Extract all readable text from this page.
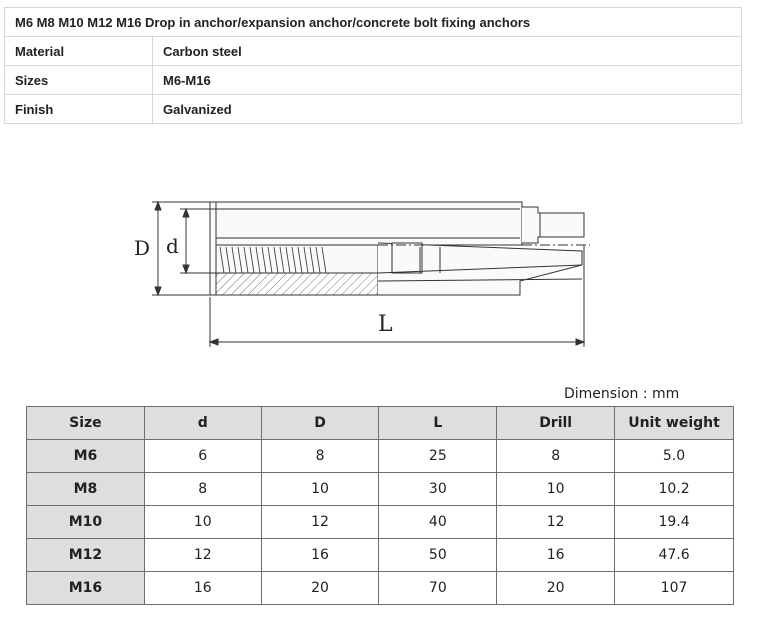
M6 M8 M10 M12 M16 Drop in anchor/expansion anchor/concrete bolt fixing anchors	
Material	Carbon steel
Sizes	M6-M16
Finish	Galvanized
D d
L
Dimension : mm
Size	d	D	L	Drill	Unit weight
M6	6	8	25	8	5.0
M8	8	10	30	10	10.2
M10	10	12	40	12	19.4
M12	12	16	50	16	47.6
M16	16	20	70	20	107
